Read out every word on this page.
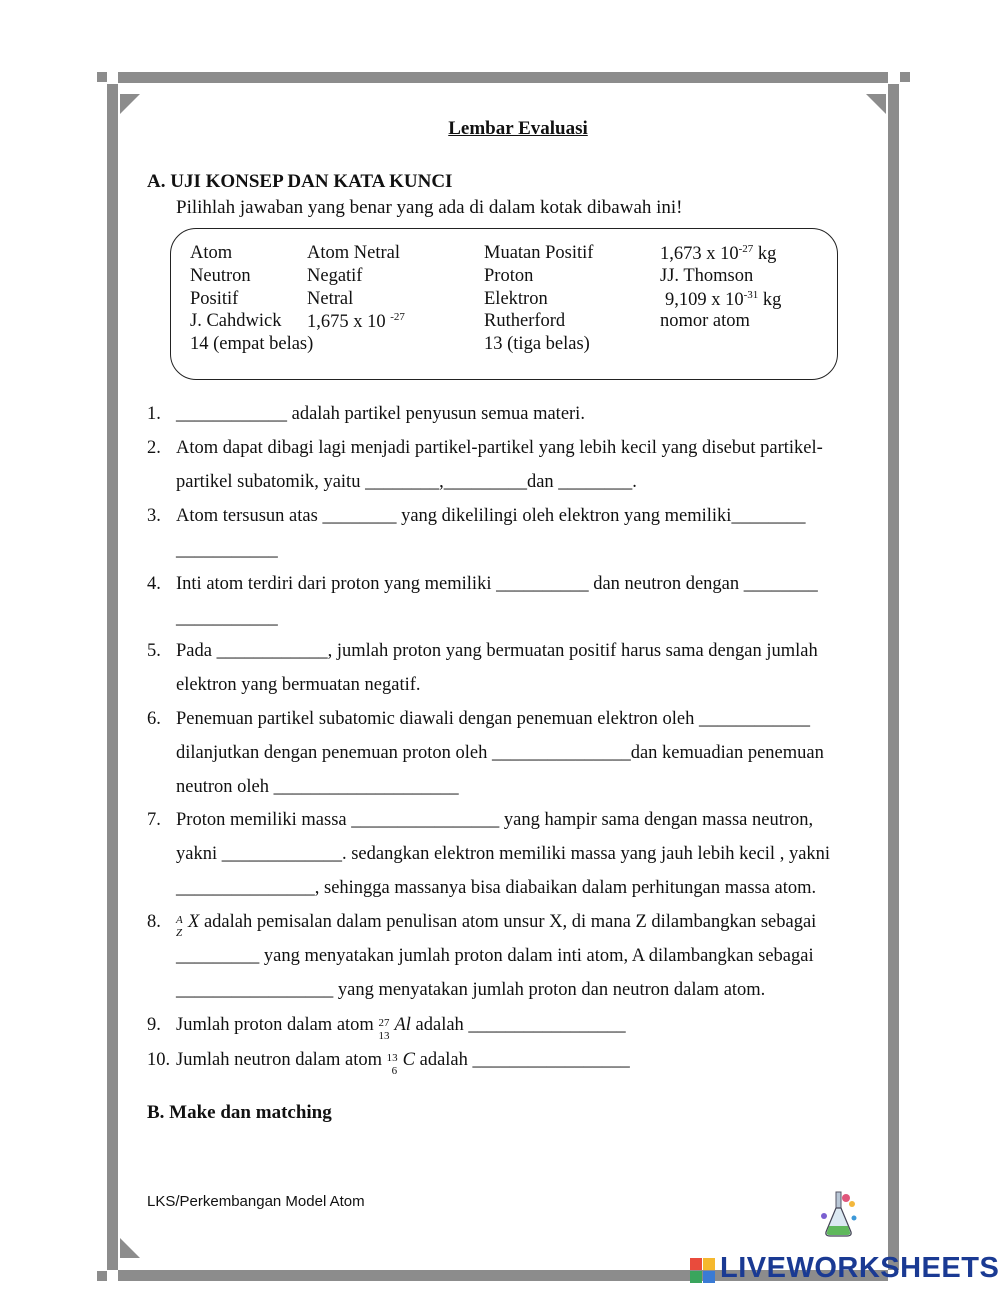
Lembar Evaluasi
A. UJI KONSEP DAN KATA KUNCI
Pilihlah jawaban yang benar yang ada di dalam kotak dibawah ini!
Atom
Neutron
Positif
J. Cahdwick
14 (empat belas)
Atom Netral
Negatif
Netral
1,675 x 10 $^{-27}$
Muatan Positif
Proton
Elektron
Rutherford
13 (tiga belas)
1,673 x $10^{-27}$ kg
JJ. Thomson
9,109 x $10^{-31}$ kg
nomor atom
1. ____________ adalah partikel penyusun semua materi.
2. Atom dapat dibagi lagi menjadi partikel-partikel yang lebih kecil yang disebut partikel-
partikel subatomik, yaitu ________,_________dan ________.
3. Atom tersusun atas ________ yang dikelilingi oleh elektron yang memiliki________
___________
4. Inti atom terdiri dari proton yang memiliki __________ dan neutron dengan ________
___________
5. Pada ____________, jumlah proton yang bermuatan positif harus sama dengan jumlah
elektron yang bermuatan negatif.
6. Penemuan partikel subatomic diawali dengan penemuan elektron oleh ____________
dilanjutkan dengan penemuan proton oleh _______________dan kemuadian penemuan
neutron oleh ____________________
7. Proton memiliki massa ________________ yang hampir sama dengan massa neutron,
yakni _____________. sedangkan elektron memiliki massa yang jauh lebih kecil , yakni
_______________, sehingga massanya bisa diabaikan dalam perhitungan massa atom.
8. A
Z
X adalah pemisalan dalam penulisan atom unsur X, di mana Z dilambangkan sebagai
_________ yang menyatakan jumlah proton dalam inti atom, A dilambangkan sebagai
_________________ yang menyatakan jumlah proton dan neutron dalam atom.
9. Jumlah proton dalam atom 27
13
Al adalah _________________
10. Jumlah neutron dalam atom 13
6
C adalah _________________
B. Make dan matching
LKS/Perkembangan Model Atom
LIVEWORKSHEETS
